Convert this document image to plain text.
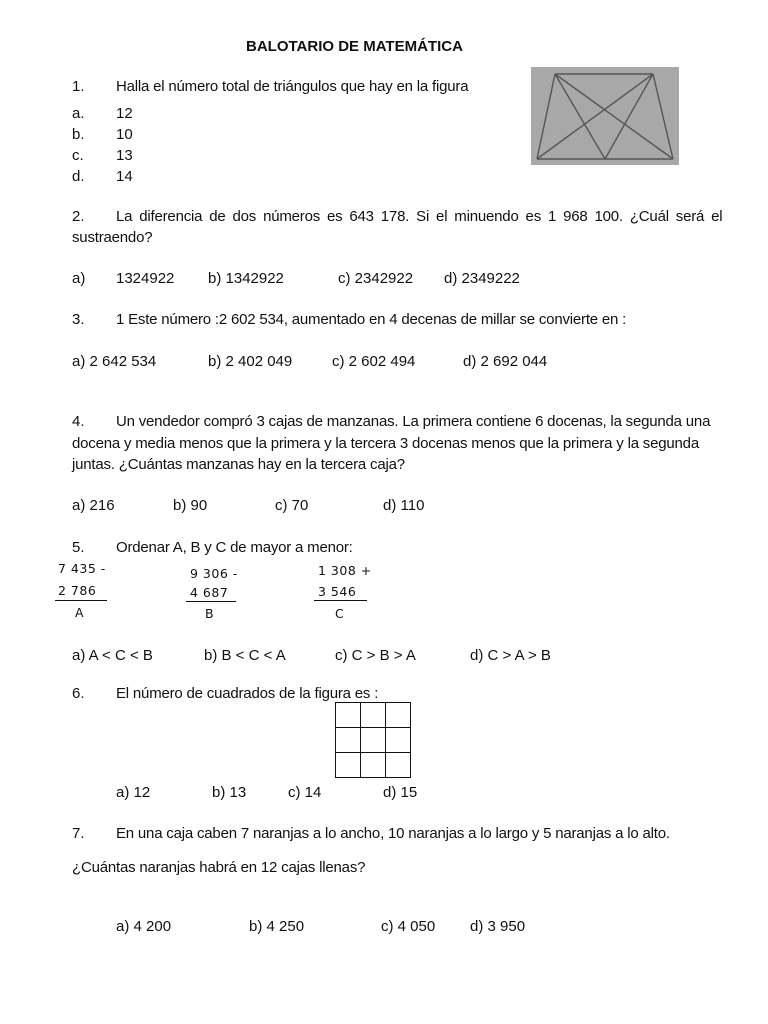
BALOTARIO DE MATEMÁTICA
1. Halla el número total de triángulos que hay en la figura
a. 12
b. 10
c. 13
d. 14
2. La diferencia de dos números es 643 178. Si el minuendo es 1 968 100. ¿Cuál será el
sustraendo?
a) 1324922 b) 1342922	c) 2342922 d) 2349222
3. 1 Este número :2 602 534, aumentado en 4 decenas de millar se convierte en :
a) 2 642 534	b) 2 402 049	c) 2 602 494	d) 2 692 044
4. Un vendedor compró 3 cajas de manzanas. La primera contiene 6 docenas, la segunda una
docena y media menos que la primera y la tercera 3 docenas menos que la primera y la segunda
juntas. ¿Cuántas manzanas hay en la tercera caja?
a) 216	b) 90	c) 70	d) 110
5. Ordenar A, B y C de mayor a menor:
7 435 -
2 786
A
9 306 -
4 687
B
1 308 +
3 546
C
a) A < C < B	b) B < C < A	c) C > B > A	d) C > A > B
6. El número de cuadrados de la figura es :

a) 12	b) 13	c) 14	d) 15
7. En una caja caben 7 naranjas a lo ancho, 10 naranjas a lo largo y 5 naranjas a lo alto.
¿Cuántas naranjas habrá en 12 cajas llenas?
a) 4 200	b) 4 250	c) 4 050 d) 3 950
